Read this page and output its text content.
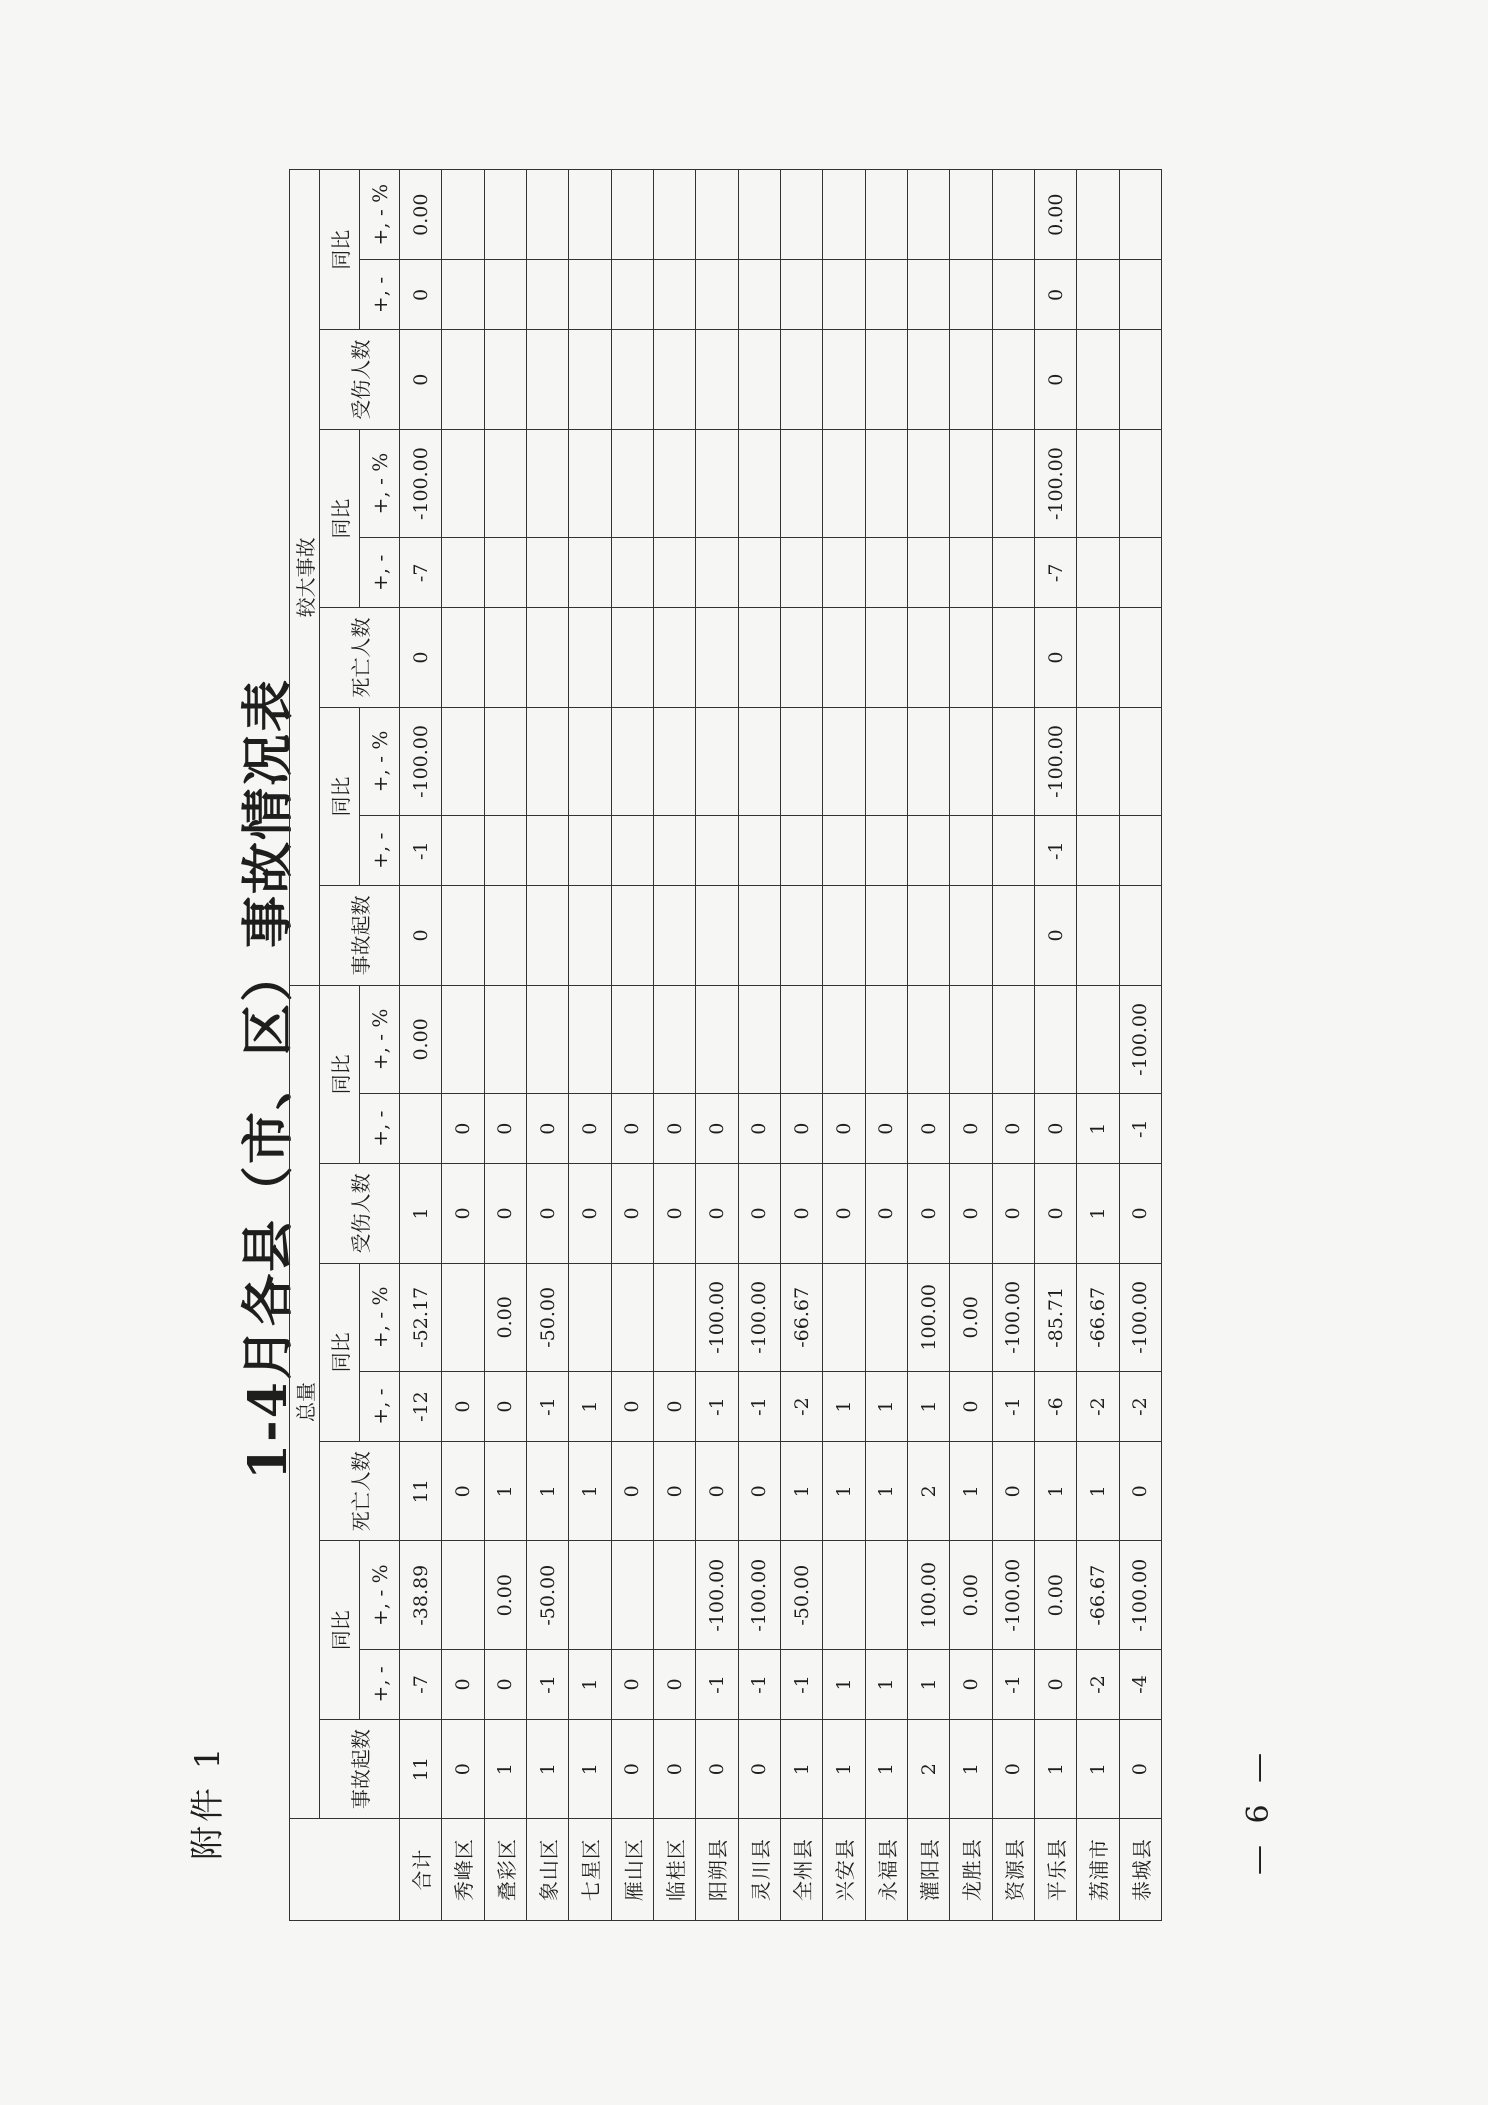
附件 1
1-4月各县（市、区）事故情况表
	总量									较大事故								
	事故起数	同比		死亡人数	同比		受伤人数	同比		事故起数	同比		死亡人数	同比		受伤人数	同比	
		+, -	+, - %		+, -	+, - %		+, -	+, - %		+, -	+, - %		+, -	+, - %		+, -	+, - %
合计	11	-7	-38.89	11	-12	-52.17	1		0.00	0	-1	-100.00	0	-7	-100.00	0	0	0.00
秀峰区	0	0		0	0		0	0										
叠彩区	1	0	0.00	1	0	0.00	0	0										
象山区	1	-1	-50.00	1	-1	-50.00	0	0										
七星区	1	1		1	1		0	0										
雁山区	0	0		0	0		0	0										
临桂区	0	0		0	0		0	0										
阳朔县	0	-1	-100.00	0	-1	-100.00	0	0										
灵川县	0	-1	-100.00	0	-1	-100.00	0	0										
全州县	1	-1	-50.00	1	-2	-66.67	0	0										
兴安县	1	1		1	1		0	0										
永福县	1	1		1	1		0	0										
灌阳县	2	1	100.00	2	1	100.00	0	0										
龙胜县	1	0	0.00	1	0	0.00	0	0										
资源县	0	-1	-100.00	0	-1	-100.00	0	0										
平乐县	1	0	0.00	1	-6	-85.71	0	0		0	-1	-100.00	0	-7	-100.00	0	0	0.00
荔浦市	1	-2	-66.67	1	-2	-66.67	1	1										
恭城县	0	-4	-100.00	0	-2	-100.00	0	-1	-100.00									
— 6 —
